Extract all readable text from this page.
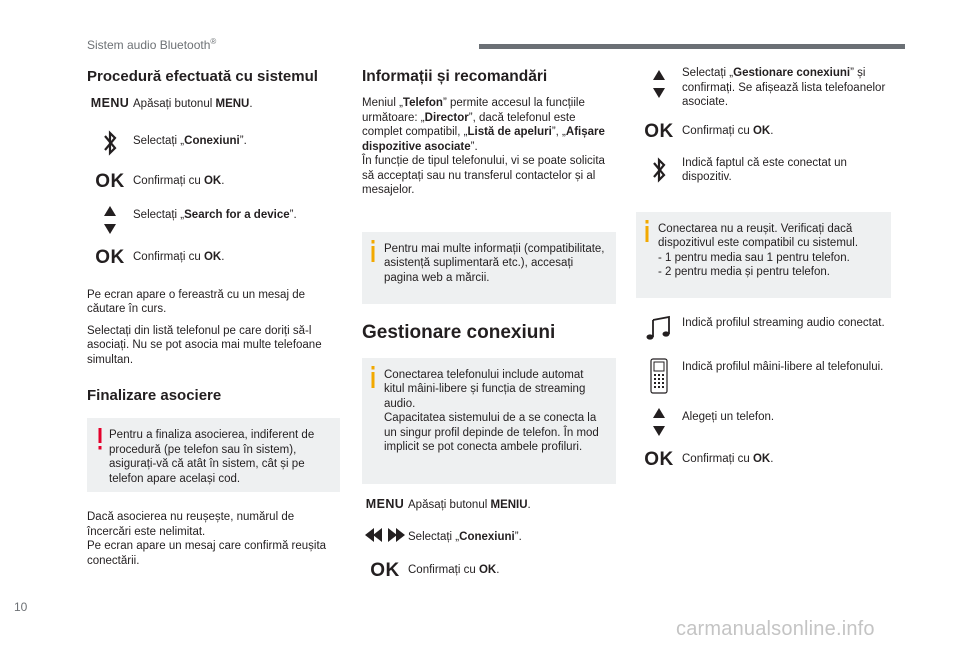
Sistem audio Bluetooth®
Procedură efectuată cu sistemul
MENU Apăsați butonul MENU.
Selectați „Conexiuni”.
OK Confirmați cu OK.
Selectați „Search for a device”.
OK Confirmați cu OK.

Pe ecran apare o fereastră cu un mesaj de căutare în curs.

Selectați din listă telefonul pe care doriți să-l asociați. Nu se pot asocia mai multe telefoane simultan.

Finalizare asociere
Pentru a finaliza asocierea, indiferent de procedură (pe telefon sau în sistem), asigurați-vă că atât în sistem, cât și pe telefon apare același cod.

Dacă asocierea nu reușește, numărul de încercări este nelimitat.
Pe ecran apare un mesaj care confirmă reușita conectării.

Informații și recomandări

Meniul „Telefon” permite accesul la funcțiile următoare: „Director”, dacă telefonul este complet compatibil, „Listă de apeluri”, „Afișare dispozitive asociate”.
În funcție de tipul telefonului, vi se poate solicita să acceptați sau nu transferul contactelor și al mesajelor.

Pentru mai multe informații (compatibilitate, asistență suplimentară etc.), accesați pagina web a mărcii.
Gestionare conexiuni
Conectarea telefonului include automat kitul mâini-libere și funcția de streaming audio.
Capacitatea sistemului de a se conecta la un singur profil depinde de telefon. În mod implicit se pot conecta ambele profiluri.
MENU Apăsați butonul MENIU.
Selectați „Conexiuni”.
OK Confirmați cu OK.
Selectați „Gestionare conexiuni” și confirmați. Se afișează lista telefoanelor asociate.
OK Confirmați cu OK.
Indică faptul că este conectat un dispozitiv.
Conectarea nu a reușit. Verificați dacă dispozitivul este compatibil cu sistemul.
- 1 pentru media sau 1 pentru telefon.
- 2 pentru media și pentru telefon.
Indică profilul streaming audio conectat.
Indică profilul mâini-libere al telefonului.
Alegeți un telefon.
OK Confirmați cu OK.
10
carmanualsonline.info
